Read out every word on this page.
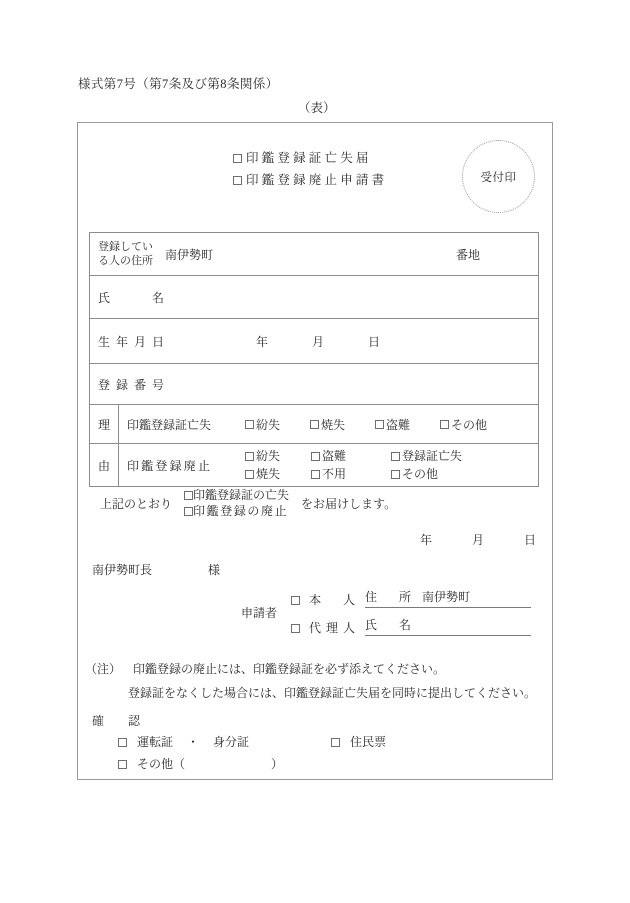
様式第7号（第7条及び第8条関係）
（表）
印鑑登録証亡失届
印鑑登録廃止申請書	受付印
登録してい
る人の住所 南伊勢町 番地	

氏　　名	

生年月日 年 月 日	

登録番号	

理	印鑑登録証亡失 紛失 焼失 盗難 その他

由	印鑑登録廃止
紛失	盗難	登録証亡失
焼失	不用	その他
上記のとおり
印鑑登録証の亡失
印鑑登録の廃止
をお届けします。
年	月	日
南伊勢町長	様
申請者
本　人 住　所 南伊勢町
代理人 氏　名
（注） 印鑑登録の廃止には、印鑑登録証を必ず添えてください。
登録証をなくした場合には、印鑑登録証亡失届を同時に提出してください。
確　認
運転証 ・ 身分証	住民票
その他（	）
